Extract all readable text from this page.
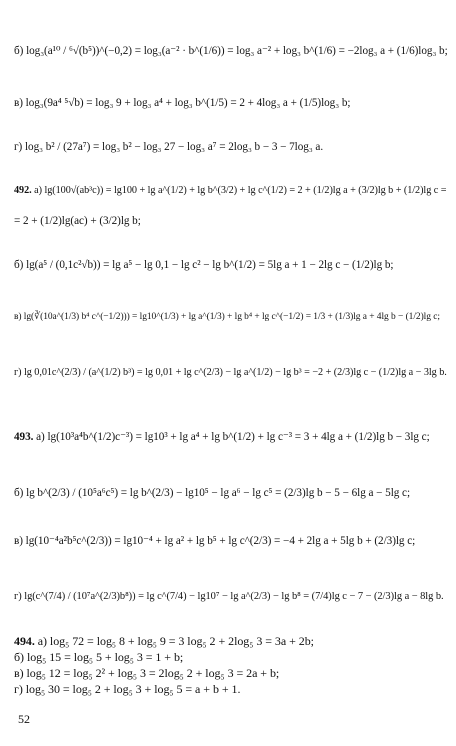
б) log₃(a¹⁰ / ⁶√(b⁵))^(−0,2) = log₃(a⁻² · b^(1/6)) = log₃ a⁻² + log₃ b^(1/6) = −2log₃ a + (1/6)log₃ b;
в) log₃(9a⁴ ⁵√b) = log₃ 9 + log₃ a⁴ + log₃ b^(1/5) = 2 + 4log₃ a + (1/5)log₃ b;
г) log₃ b² / (27a⁷) = log₃ b² − log₃ 27 − log₃ a⁷ = 2log₃ b − 3 − 7log₃ a.
492. а) lg(100√(ab³c)) = lg100 + lg a^(1/2) + lg b^(3/2) + lg c^(1/2) = 2 + (1/2)lg a + (3/2)lg b + (1/2)lg c =
= 2 + (1/2)lg(ac) + (3/2)lg b;
б) lg(a⁵ / (0,1c²√b)) = lg a⁵ − lg 0,1 − lg c² − lg b^(1/2) = 5lg a + 1 − 2lg c − (1/2)lg b;
в) lg(∛(10a^(1/3) b⁴ c^(−1/2))) = lg10^(1/3) + lg a^(1/3) + lg b⁴ + lg c^(−1/2) = 1/3 + (1/3)lg a + 4lg b − (1/2)lg c;
г) lg 0,01c^(2/3) / (a^(1/2) b³) = lg 0,01 + lg c^(2/3) − lg a^(1/2) − lg b³ = −2 + (2/3)lg c − (1/2)lg a − 3lg b.
493. а) lg(10³a⁴b^(1/2)c⁻³) = lg10³ + lg a⁴ + lg b^(1/2) + lg c⁻³ = 3 + 4lg a + (1/2)lg b − 3lg c;
б) lg b^(2/3) / (10⁵a⁶c⁵) = lg b^(2/3) − lg10⁵ − lg a⁶ − lg c⁵ = (2/3)lg b − 5 − 6lg a − 5lg c;
в) lg(10⁻⁴a²b⁵c^(2/3)) = lg10⁻⁴ + lg a² + lg b⁵ + lg c^(2/3) = −4 + 2lg a + 5lg b + (2/3)lg c;
г) lg(c^(7/4) / (10⁷a^(2/3)b⁸)) = lg c^(7/4) − lg10⁷ − lg a^(2/3) − lg b⁸ = (7/4)lg c − 7 − (2/3)lg a − 8lg b.
494. а) log₅ 72 = log₅ 8 + log₅ 9 = 3 log₅ 2 + 2log₅ 3 = 3a + 2b;
б) log₅ 15 = log₅ 5 + log₅ 3 = 1 + b;
в) log₅ 12 = log₅ 2² + log₅ 3 = 2log₅ 2 + log₅ 3 = 2a + b;
г) log₅ 30 = log₅ 2 + log₅ 3 + log₅ 5 = a + b + 1.
52
